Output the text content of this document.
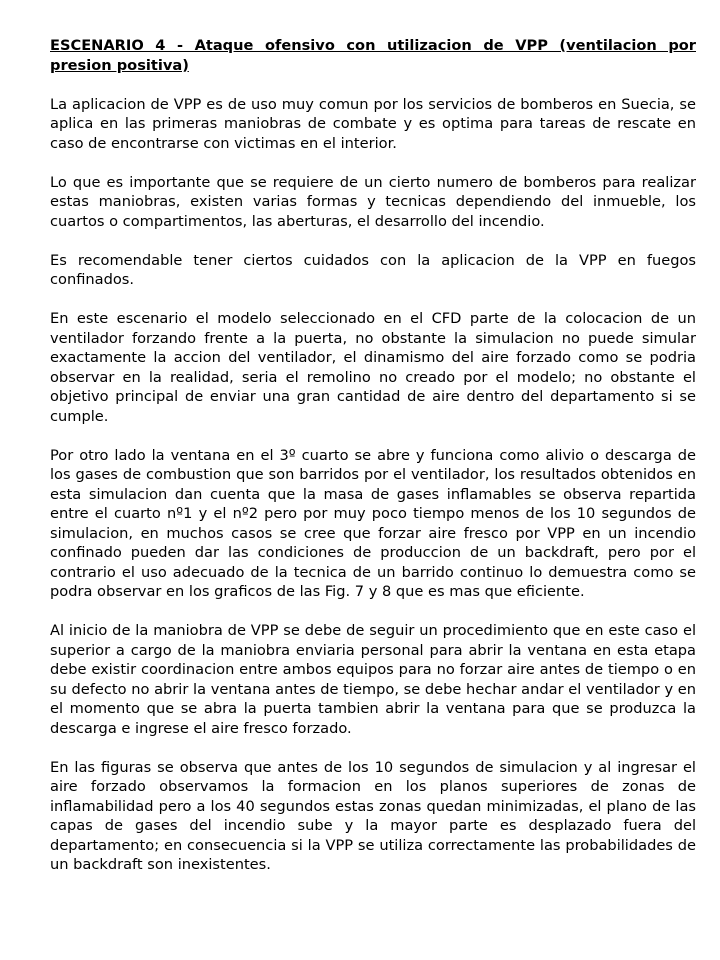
ESCENARIO 4 - Ataque ofensivo con utilizacion de VPP (ventilacion por presion positiva)

La aplicacion de VPP es de uso muy comun por los servicios de bomberos en Suecia, se aplica en las primeras maniobras de combate y es optima para tareas de rescate en caso de encontrarse con victimas en el interior.

Lo que es importante que se requiere de un cierto numero de bomberos para realizar estas maniobras, existen varias formas y tecnicas dependiendo del inmueble, los cuartos o compartimentos, las aberturas, el desarrollo del incendio.

Es recomendable tener ciertos cuidados con la aplicacion de la VPP en fuegos confinados.

En este escenario el modelo seleccionado en el CFD parte de la colocacion de un ventilador forzando frente a la puerta, no obstante la simulacion no puede simular exactamente la accion del ventilador, el dinamismo del aire forzado como se podria observar en la realidad, seria el remolino no creado por el modelo; no obstante el objetivo principal de enviar una gran cantidad de aire dentro del departamento si se cumple.

Por otro lado la ventana en el 3º cuarto se abre y funciona como alivio o descarga de los gases de combustion que son barridos por el ventilador, los resultados obtenidos en esta simulacion dan cuenta que la masa de gases inflamables se observa repartida entre el cuarto nº1 y el nº2 pero por muy poco tiempo menos de los 10 segundos de simulacion, en muchos casos se cree que forzar aire fresco por VPP en un incendio confinado pueden dar las condiciones de produccion de un backdraft, pero por el contrario el uso adecuado de la tecnica de un barrido continuo lo demuestra como se podra observar en los graficos de las Fig. 7 y 8 que es mas que eficiente.

Al inicio de la maniobra de VPP se debe de seguir un procedimiento que en este caso el superior a cargo de la maniobra enviaria personal para abrir la ventana en esta etapa debe existir coordinacion entre ambos equipos para no forzar aire antes de tiempo o en su defecto no abrir la ventana antes de tiempo, se debe hechar andar el ventilador y en el momento que se abra la puerta tambien abrir la ventana para que se produzca la descarga e ingrese el aire fresco forzado.

En las figuras se observa que antes de los 10 segundos de simulacion y al ingresar el aire forzado observamos la formacion en los planos superiores de zonas de inflamabilidad pero a los 40 segundos estas zonas quedan minimizadas, el plano de las capas de gases del incendio sube y la mayor parte es desplazado fuera del departamento; en consecuencia si la VPP se utiliza correctamente las probabilidades de un backdraft son inexistentes.
